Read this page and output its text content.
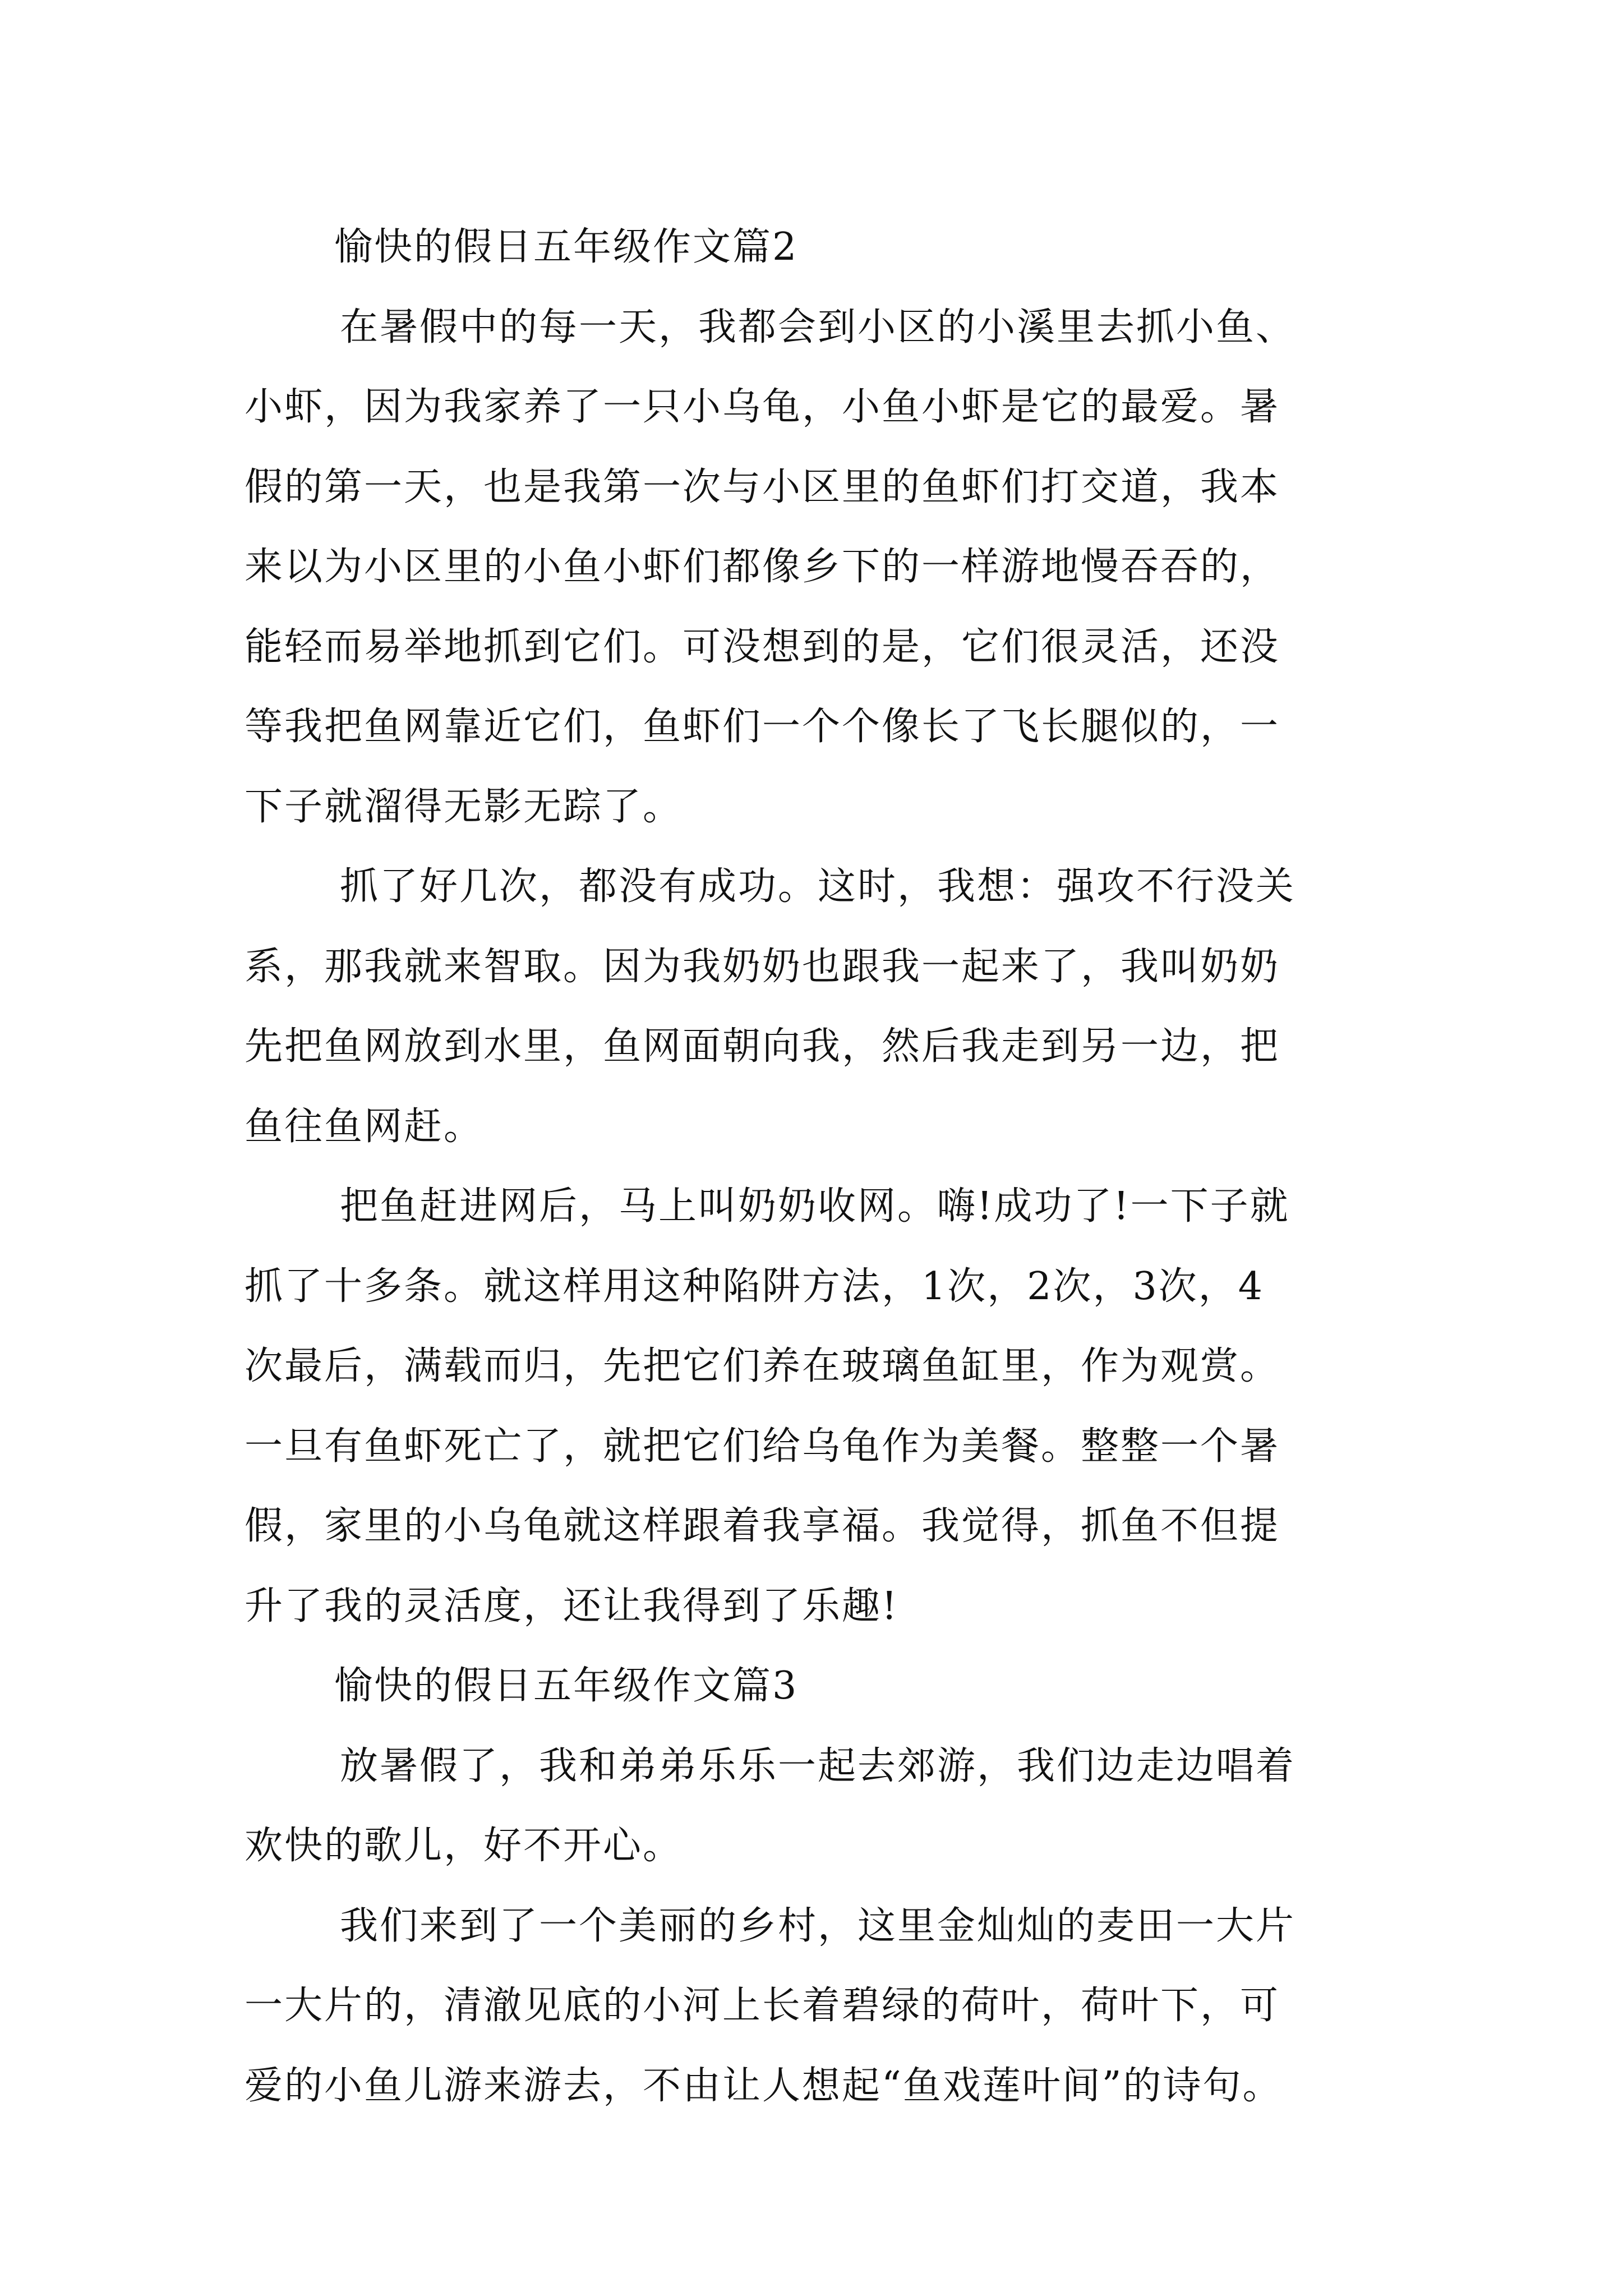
愉快的假日五年级作文篇2
在暑假中的每一天，我都会到小区的小溪里去抓小鱼、
小虾，因为我家养了一只小乌龟，小鱼小虾是它的最爱。暑
假的第一天，也是我第一次与小区里的鱼虾们打交道，我本
来以为小区里的小鱼小虾们都像乡下的一样游地慢吞吞的，
能轻而易举地抓到它们。可没想到的是，它们很灵活，还没
等我把鱼网靠近它们，鱼虾们一个个像长了飞长腿似的，一
下子就溜得无影无踪了。
抓了好几次，都没有成功。这时，我想：强攻不行没关
系，那我就来智取。因为我奶奶也跟我一起来了，我叫奶奶
先把鱼网放到水里，鱼网面朝向我，然后我走到另一边，把
鱼往鱼网赶。
把鱼赶进网后，马上叫奶奶收网。嗨!成功了!一下子就
抓了十多条。就这样用这种陷阱方法，1次，2次，3次，4
次最后，满载而归，先把它们养在玻璃鱼缸里，作为观赏。
一旦有鱼虾死亡了，就把它们给乌龟作为美餐。整整一个暑
假，家里的小乌龟就这样跟着我享福。我觉得，抓鱼不但提
升了我的灵活度，还让我得到了乐趣!
愉快的假日五年级作文篇3
放暑假了，我和弟弟乐乐一起去郊游，我们边走边唱着
欢快的歌儿，好不开心。
我们来到了一个美丽的乡村，这里金灿灿的麦田一大片
一大片的，清澈见底的小河上长着碧绿的荷叶，荷叶下，可
爱的小鱼儿游来游去，不由让人想起“鱼戏莲叶间”的诗句。
